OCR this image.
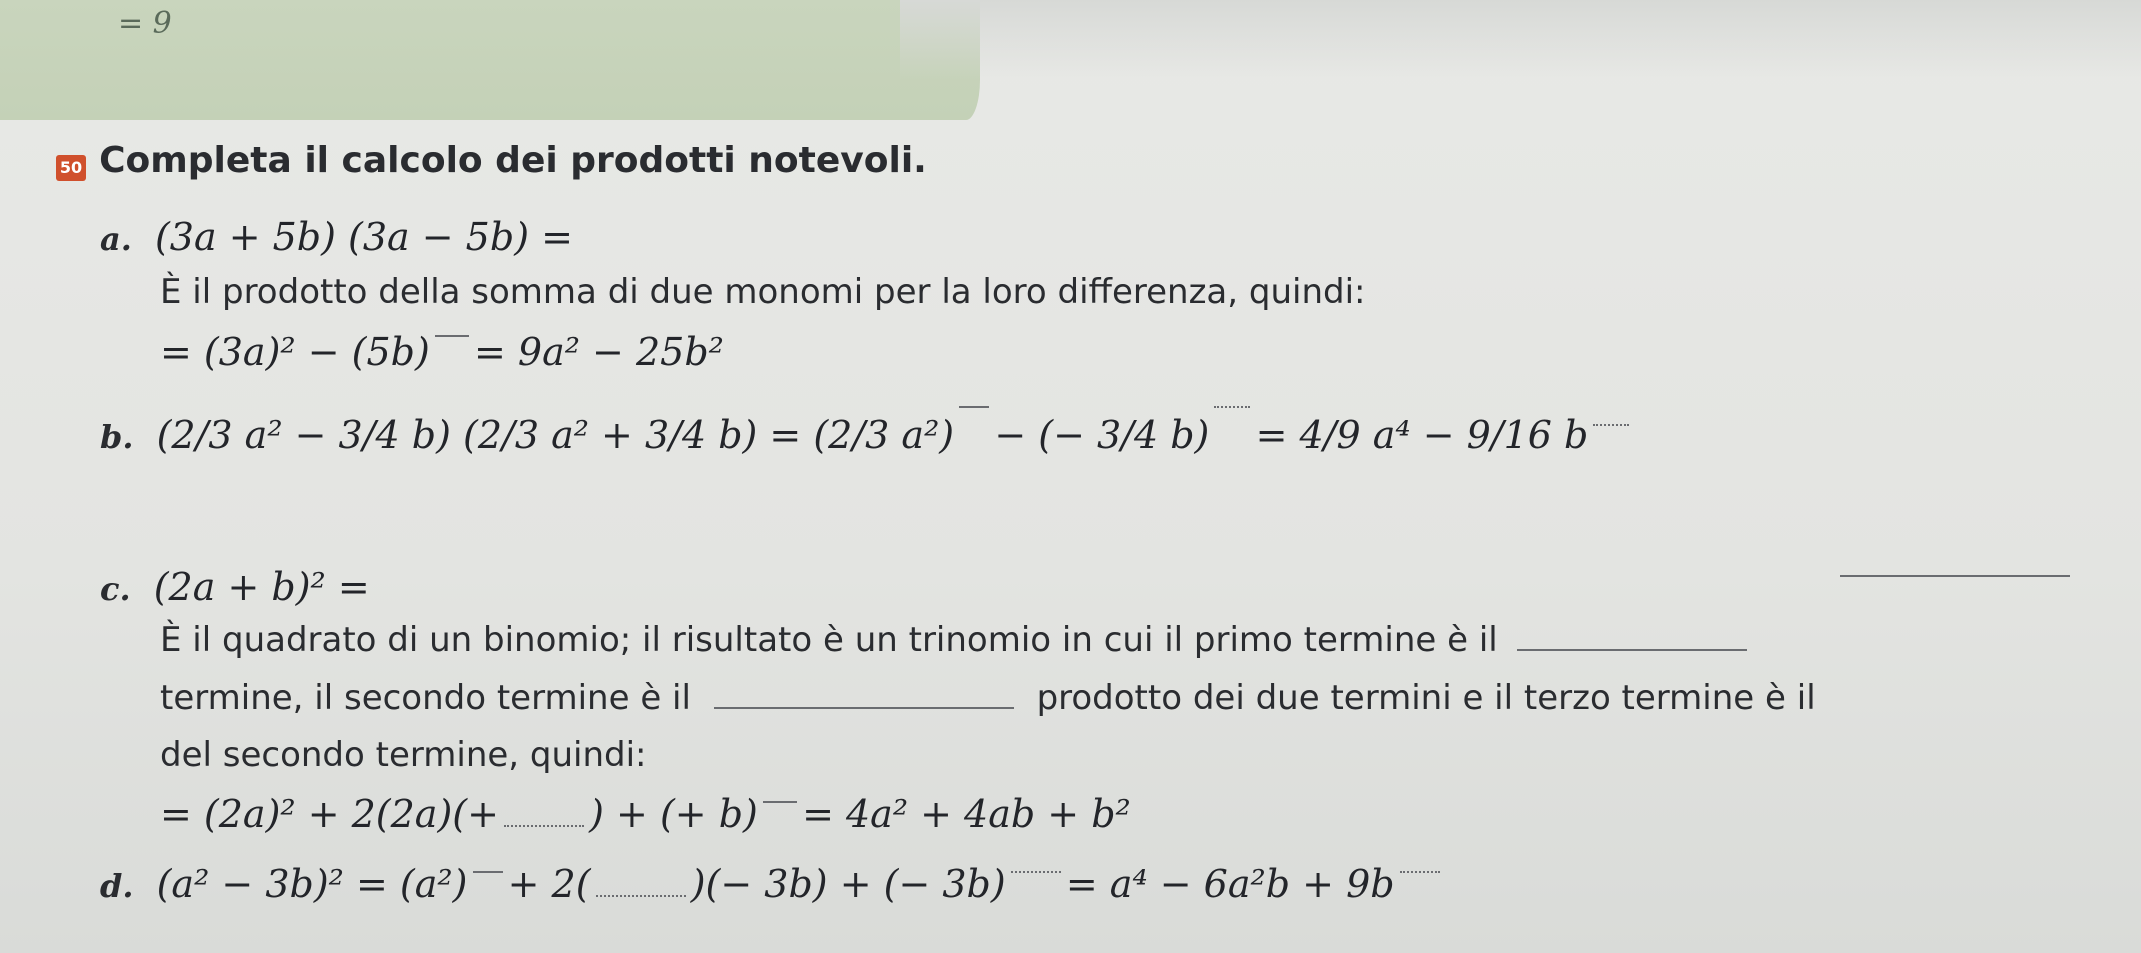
= 9
50 Completa il calcolo dei prodotti notevoli.
a. (3a + 5b) (3a − 5b) =
È il prodotto della somma di due monomi per la loro differenza, quindi:
= (3a)² − (5b) = 9a² − 25b²
b. (2/3 a² − 3/4 b) (2/3 a² + 3/4 b) = (2/3 a²) − (− 3/4 b) = 4/9 a⁴ − 9/16 b
c. (2a + b)² =
È il quadrato di un binomio; il risultato è un trinomio in cui il primo termine è il
termine, il secondo termine è il	prodotto dei due termini e il terzo termine è il
del secondo termine, quindi:
= (2a)² + 2(2a)(+ ) + (+ b) = 4a² + 4ab + b²
d. (a² − 3b)² = (a²) + 2(	)(− 3b) + (− 3b) = a⁴ − 6a²b + 9b
